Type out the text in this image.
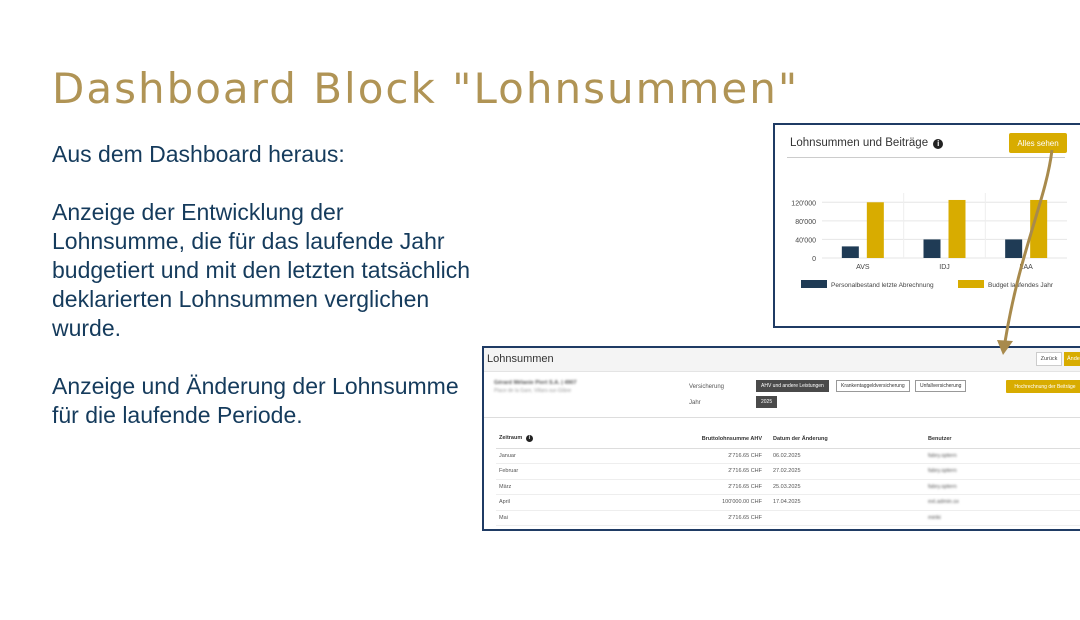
Dashboard Block "Lohnsummen"

Aus dem Dashboard heraus:

Anzeige der Entwicklung der Lohnsumme, die für das laufende Jahr budgetiert und mit den letzten tatsächlich deklarierten Lohnsummen verglichen wurde.

Anzeige und Änderung der Lohnsumme für die laufende Periode.

0
40'000
80'000
120'000
AVS	IDJ	LAA
Personalbestand letzte Abrechnung	Budget laufendes Jahr
Lohnsummen und Beiträge i	Alles sehen
Lohnsummen	Zurück	Ände
Gérard Mélanie Piert S.A. | 4907
Place de la Gare, Villars-sur-Glâne
Versicherung
Jahr
AHV und andere Leistungen	Krankentaggeldversicherung	Unfallversicherung
2025
Hochrechnung der Beiträge
Zeitraum i	Bruttolohnsumme AHV	Datum der Änderung	Benutzer
Januar	2'716.65 CHF	06.02.2025	fabry.sptern
Februar	2'716.65 CHF	27.02.2025	fabry.sptern
März	2'716.65 CHF	25.03.2025	fabry.sptern
April	100'000.00 CHF	17.04.2025	ext.admin.sx
Mai	2'716.65 CHF		miriki
